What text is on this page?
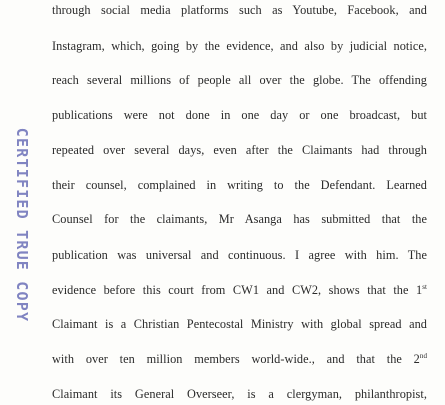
CERTIFIED TRUE COPY
through social media platforms such as Youtube, Facebook, and
Instagram, which, going by the evidence, and also by judicial notice,
reach several millions of people all over the globe. The offending
publications were not done in one day or one broadcast, but
repeated over several days, even after the Claimants had through
their counsel, complained in writing to the Defendant. Learned
Counsel for the claimants, Mr Asanga has submitted that the
publication was universal and continuous. I agree with him. The
evidence before this court from CW1 and CW2, shows that the 1st
Claimant is a Christian Pentecostal Ministry with global spread and
with over ten million members world-wide., and that the 2nd
Claimant its General Overseer, is a clergyman, philanthropist,
